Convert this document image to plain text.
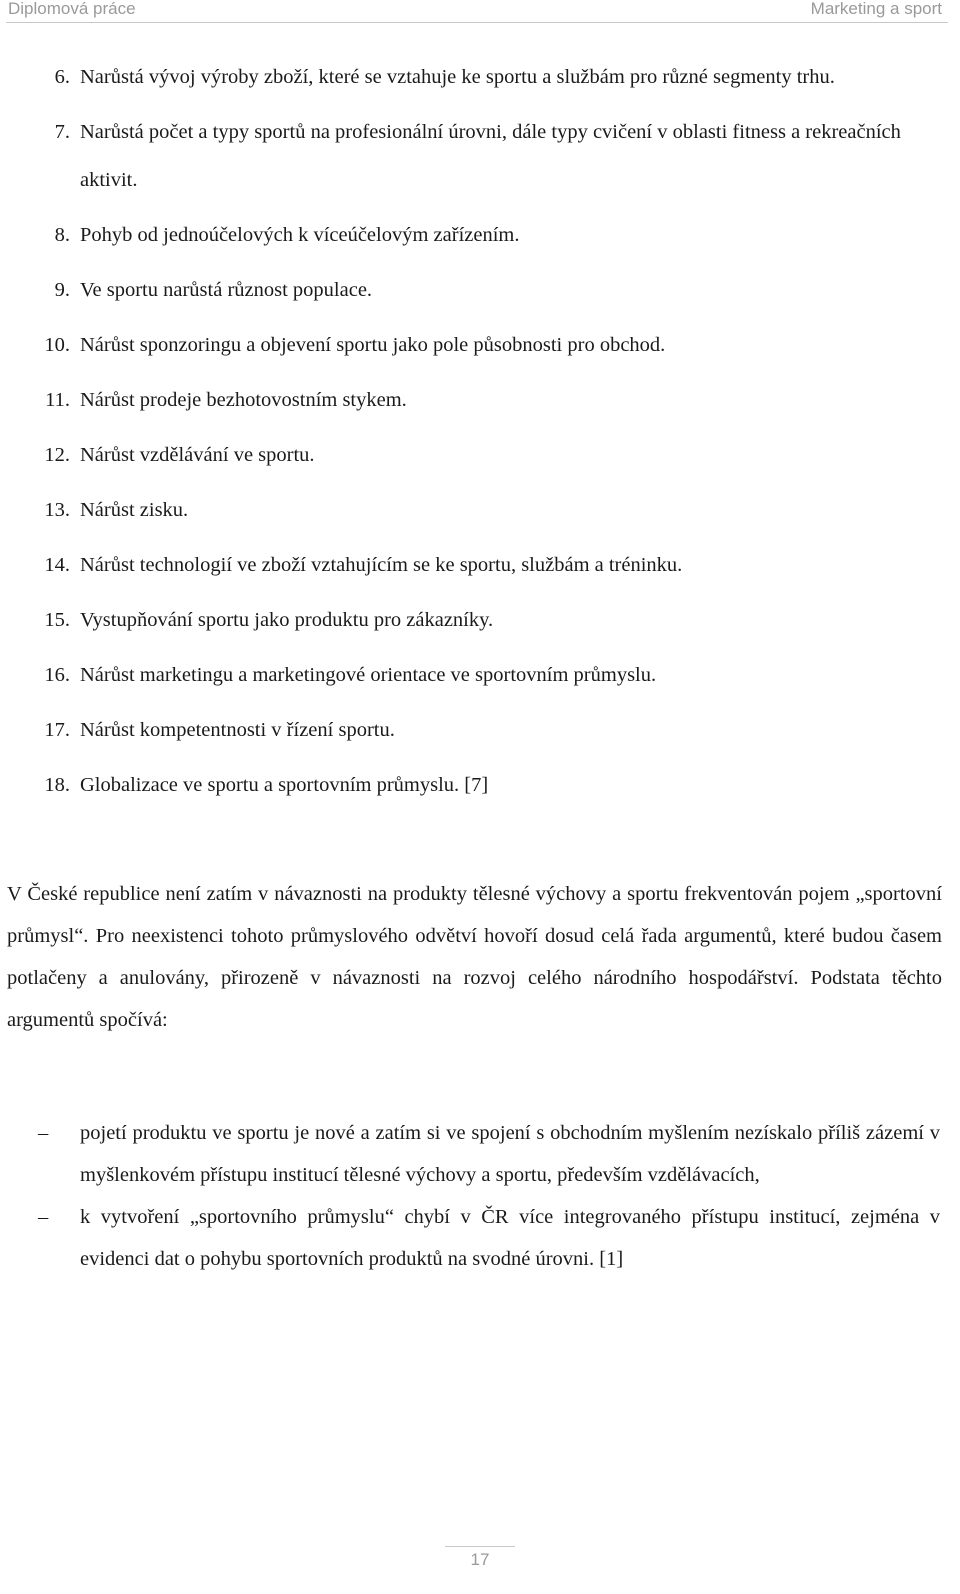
Diplomová práce	Marketing a sport
6. Narůstá vývoj výroby zboží, které se vztahuje ke sportu a službám pro různé segmenty trhu.
7. Narůstá počet a typy sportů na profesionální úrovni, dále typy cvičení v oblasti fitness a rekreačních aktivit.
8. Pohyb od jednoúčelových k víceúčelovým zařízením.
9. Ve sportu narůstá různost populace.
10. Nárůst sponzoringu a objevení sportu jako pole působnosti pro obchod.
11. Nárůst prodeje bezhotovostním stykem.
12. Nárůst vzdělávání ve sportu.
13. Nárůst zisku.
14. Nárůst technologií ve zboží vztahujícím se ke sportu, službám a tréninku.
15. Vystupňování sportu jako produktu pro zákazníky.
16. Nárůst marketingu a marketingové orientace ve sportovním průmyslu.
17. Nárůst kompetentnosti v řízení sportu.
18. Globalizace ve sportu a sportovním průmyslu. [7]

V České republice není zatím v návaznosti na produkty tělesné výchovy a sportu frekventován pojem „sportovní průmysl“. Pro neexistenci tohoto průmyslového odvětví hovoří dosud celá řada argumentů, které budou časem potlačeny a anulovány, přirozeně v návaznosti na rozvoj celého národního hospodářství. Podstata těchto argumentů spočívá:

– pojetí produktu ve sportu je nové a zatím si ve spojení s obchodním myšlením nezískalo příliš zázemí v myšlenkovém přístupu institucí tělesné výchovy a sportu, především vzdělávacích,
– k vytvoření „sportovního průmyslu“ chybí v ČR více integrovaného přístupu institucí, zejména v evidenci dat o pohybu sportovních produktů na svodné úrovni. [1]
17
